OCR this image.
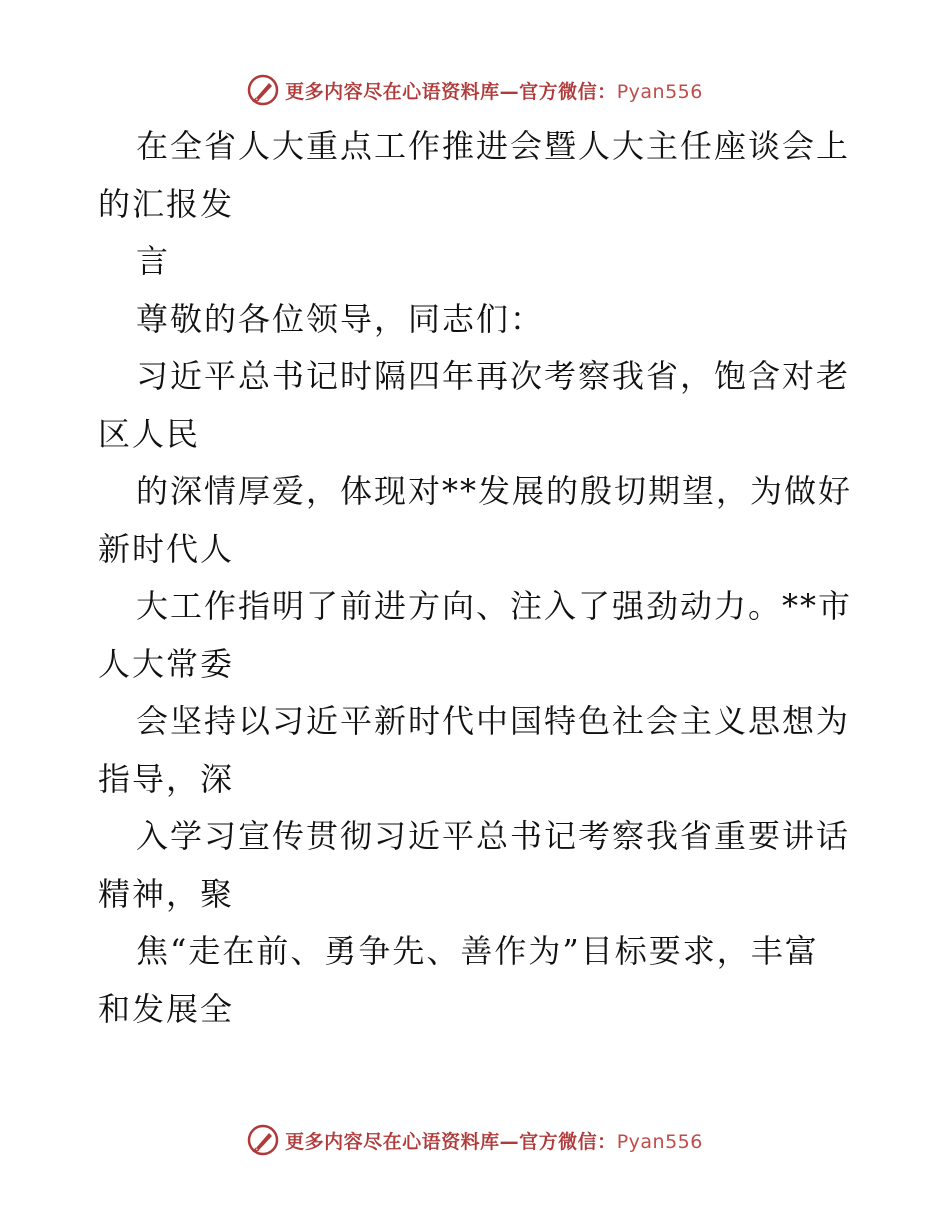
更多内容尽在心语资料库—官方微信：Pyan556
在全省人大重点工作推进会暨人大主任座谈会上
的汇报发
言
尊敬的各位领导，同志们：
习近平总书记时隔四年再次考察我省，饱含对老
区人民
的深情厚爱，体现对**发展的殷切期望，为做好
新时代人
大工作指明了前进方向、注入了强劲动力。**市
人大常委
会坚持以习近平新时代中国特色社会主义思想为
指导，深
入学习宣传贯彻习近平总书记考察我省重要讲话
精神，聚
焦“走在前、勇争先、善作为”目标要求，丰富
和发展全
更多内容尽在心语资料库—官方微信：Pyan556
